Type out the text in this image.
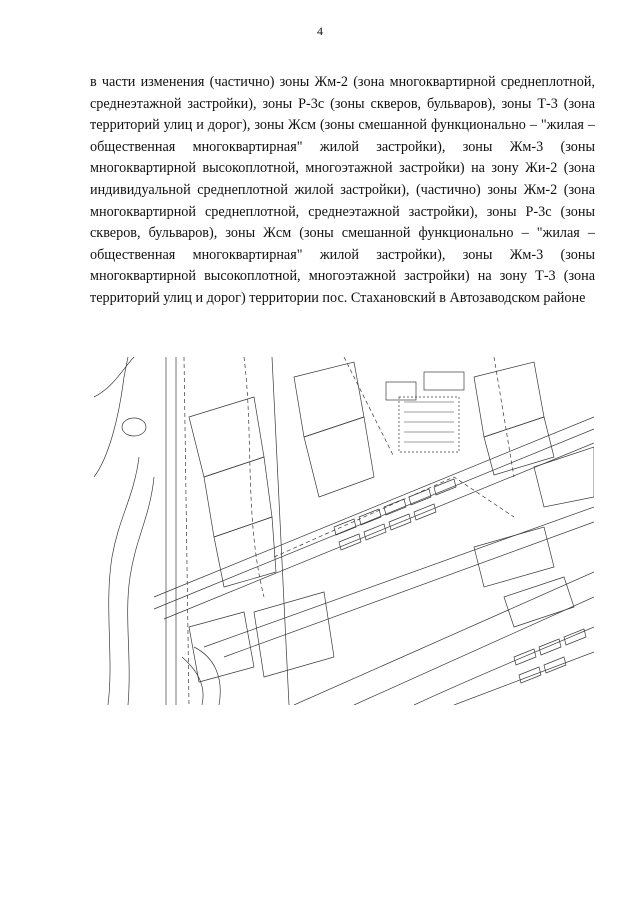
4

в части изменения (частично) зоны Жм-2 (зона многоквартирной среднеплотной, среднеэтажной застройки), зоны Р-3с (зоны скверов, бульваров), зоны Т-3 (зона территорий улиц и дорог), зоны Жсм (зоны смешанной функционально – "жилая – общественная многоквартирная" жилой застройки), зоны Жм-3 (зоны многоквартирной высокоплотной, многоэтажной застройки) на зону Жи-2 (зона индивидуальной среднеплотной жилой застройки), (частично) зоны Жм-2 (зона многоквартирной среднеплотной, среднеэтажной застройки), зоны Р-3с (зоны скверов, бульваров), зоны Жсм (зоны смешанной функционально – "жилая – общественная многоквартирная" жилой застройки), зоны Жм-3 (зоны многоквартирной высокоплотной, многоэтажной застройки) на зону Т-3 (зона территорий улиц и дорог) территории пос. Стахановский в Автозаводском районе
